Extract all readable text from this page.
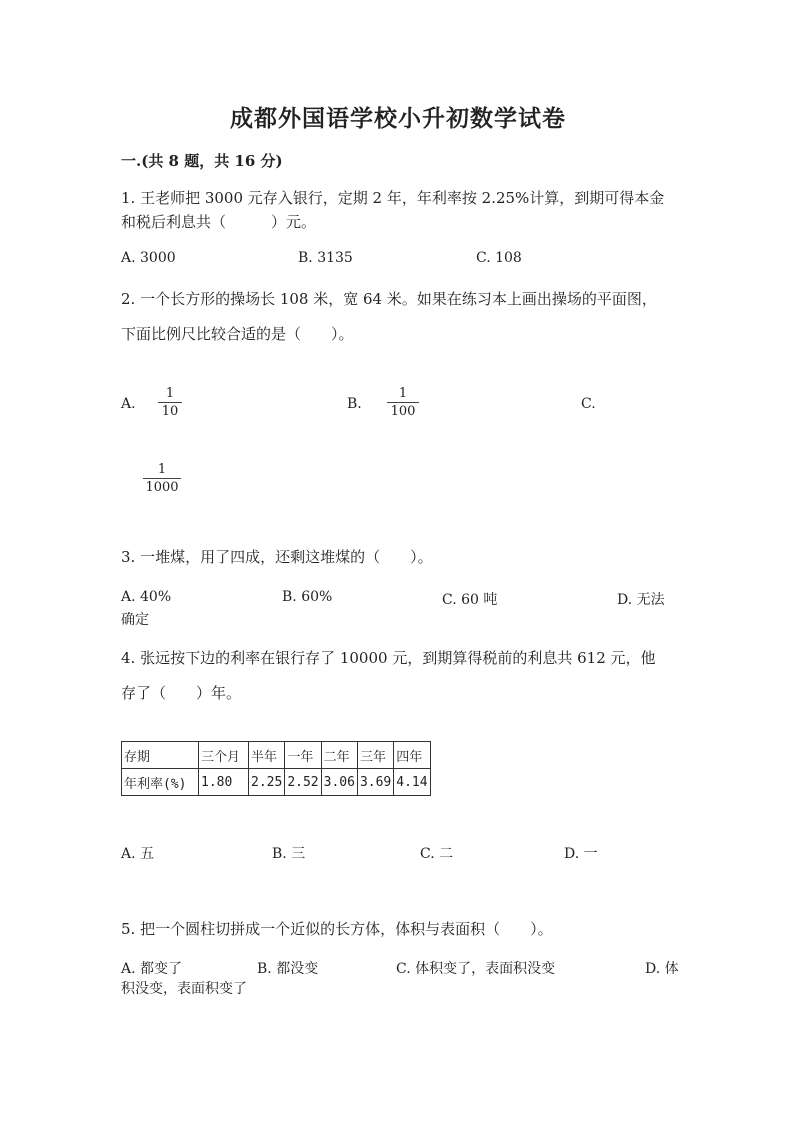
成都外国语学校小升初数学试卷
一.(共 8 题，共 16 分)
1. 王老师把 3000 元存入银行，定期 2 年，年利率按 2.25%计算，到期可得本金
和税后利息共（　　　）元。
A. 3000	B. 3135	C. 108
2. 一个长方形的操场长 108 米，宽 64 米。如果在练习本上画出操场的平面图，
下面比例尺比较合适的是（　　）。
A.
1
10	B.
1
100	C.
1
1000
3. 一堆煤，用了四成，还剩这堆煤的（　　）。
A. 40%	B. 60%	C. 60 吨	D. 无法
确定
4. 张远按下边的利率在银行存了 10000 元，到期算得税前的利息共 612 元，他
存了（　　）年。
存期	三个月	半年	一年	二年	三年	四年
年利率(%)	1.80	2.25	2.52	3.06	3.69	4.14
A. 五	B. 三	C. 二	D. 一
5. 把一个圆柱切拼成一个近似的长方体，体积与表面积（　　）。
A. 都变了	B. 都没变	C. 体积变了，表面积没变	D. 体
积没变，表面积变了
